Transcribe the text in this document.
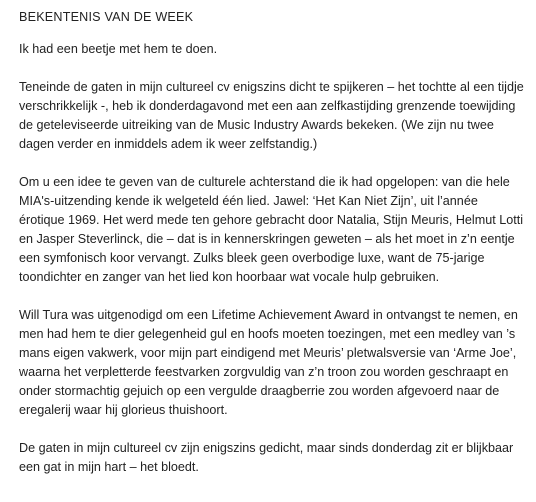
BEKENTENIS VAN DE WEEK

Ik had een beetje met hem te doen.

Teneinde de gaten in mijn cultureel cv enigszins dicht te spijkeren – het tochtte al een tijdje verschrikkelijk -, heb ik donderdagavond met een aan zelfkastijding grenzende toewijding de geteleviseerde uitreiking van de Music Industry Awards bekeken. (We zijn nu twee dagen verder en inmiddels adem ik weer zelfstandig.)

Om u een idee te geven van de culturele achterstand die ik had opgelopen: van die hele MIA's-uitzending kende ik welgeteld één lied. Jawel: ‘Het Kan Niet Zijn’, uit l’année érotique 1969. Het werd mede ten gehore gebracht door Natalia, Stijn Meuris, Helmut Lotti en Jasper Steverlinck, die – dat is in kennerskringen geweten – als het moet in z’n eentje een symfonisch koor vervangt. Zulks bleek geen overbodige luxe, want de 75-jarige toondichter en zanger van het lied kon hoorbaar wat vocale hulp gebruiken.

Will Tura was uitgenodigd om een Lifetime Achievement Award in ontvangst te nemen, en men had hem te dier gelegenheid gul en hoofs moeten toezingen, met een medley van ’s mans eigen vakwerk, voor mijn part eindigend met Meuris’ pletwalsversie van ‘Arme Joe’, waarna het verpletterde feestvarken zorgvuldig van z’n troon zou worden geschraapt en onder stormachtig gejuich op een vergulde draagberrie zou worden afgevoerd naar de eregalerij waar hij glorieus thuishoort.

De gaten in mijn cultureel cv zijn enigszins gedicht, maar sinds donderdag zit er blijkbaar een gat in mijn hart – het bloedt.
